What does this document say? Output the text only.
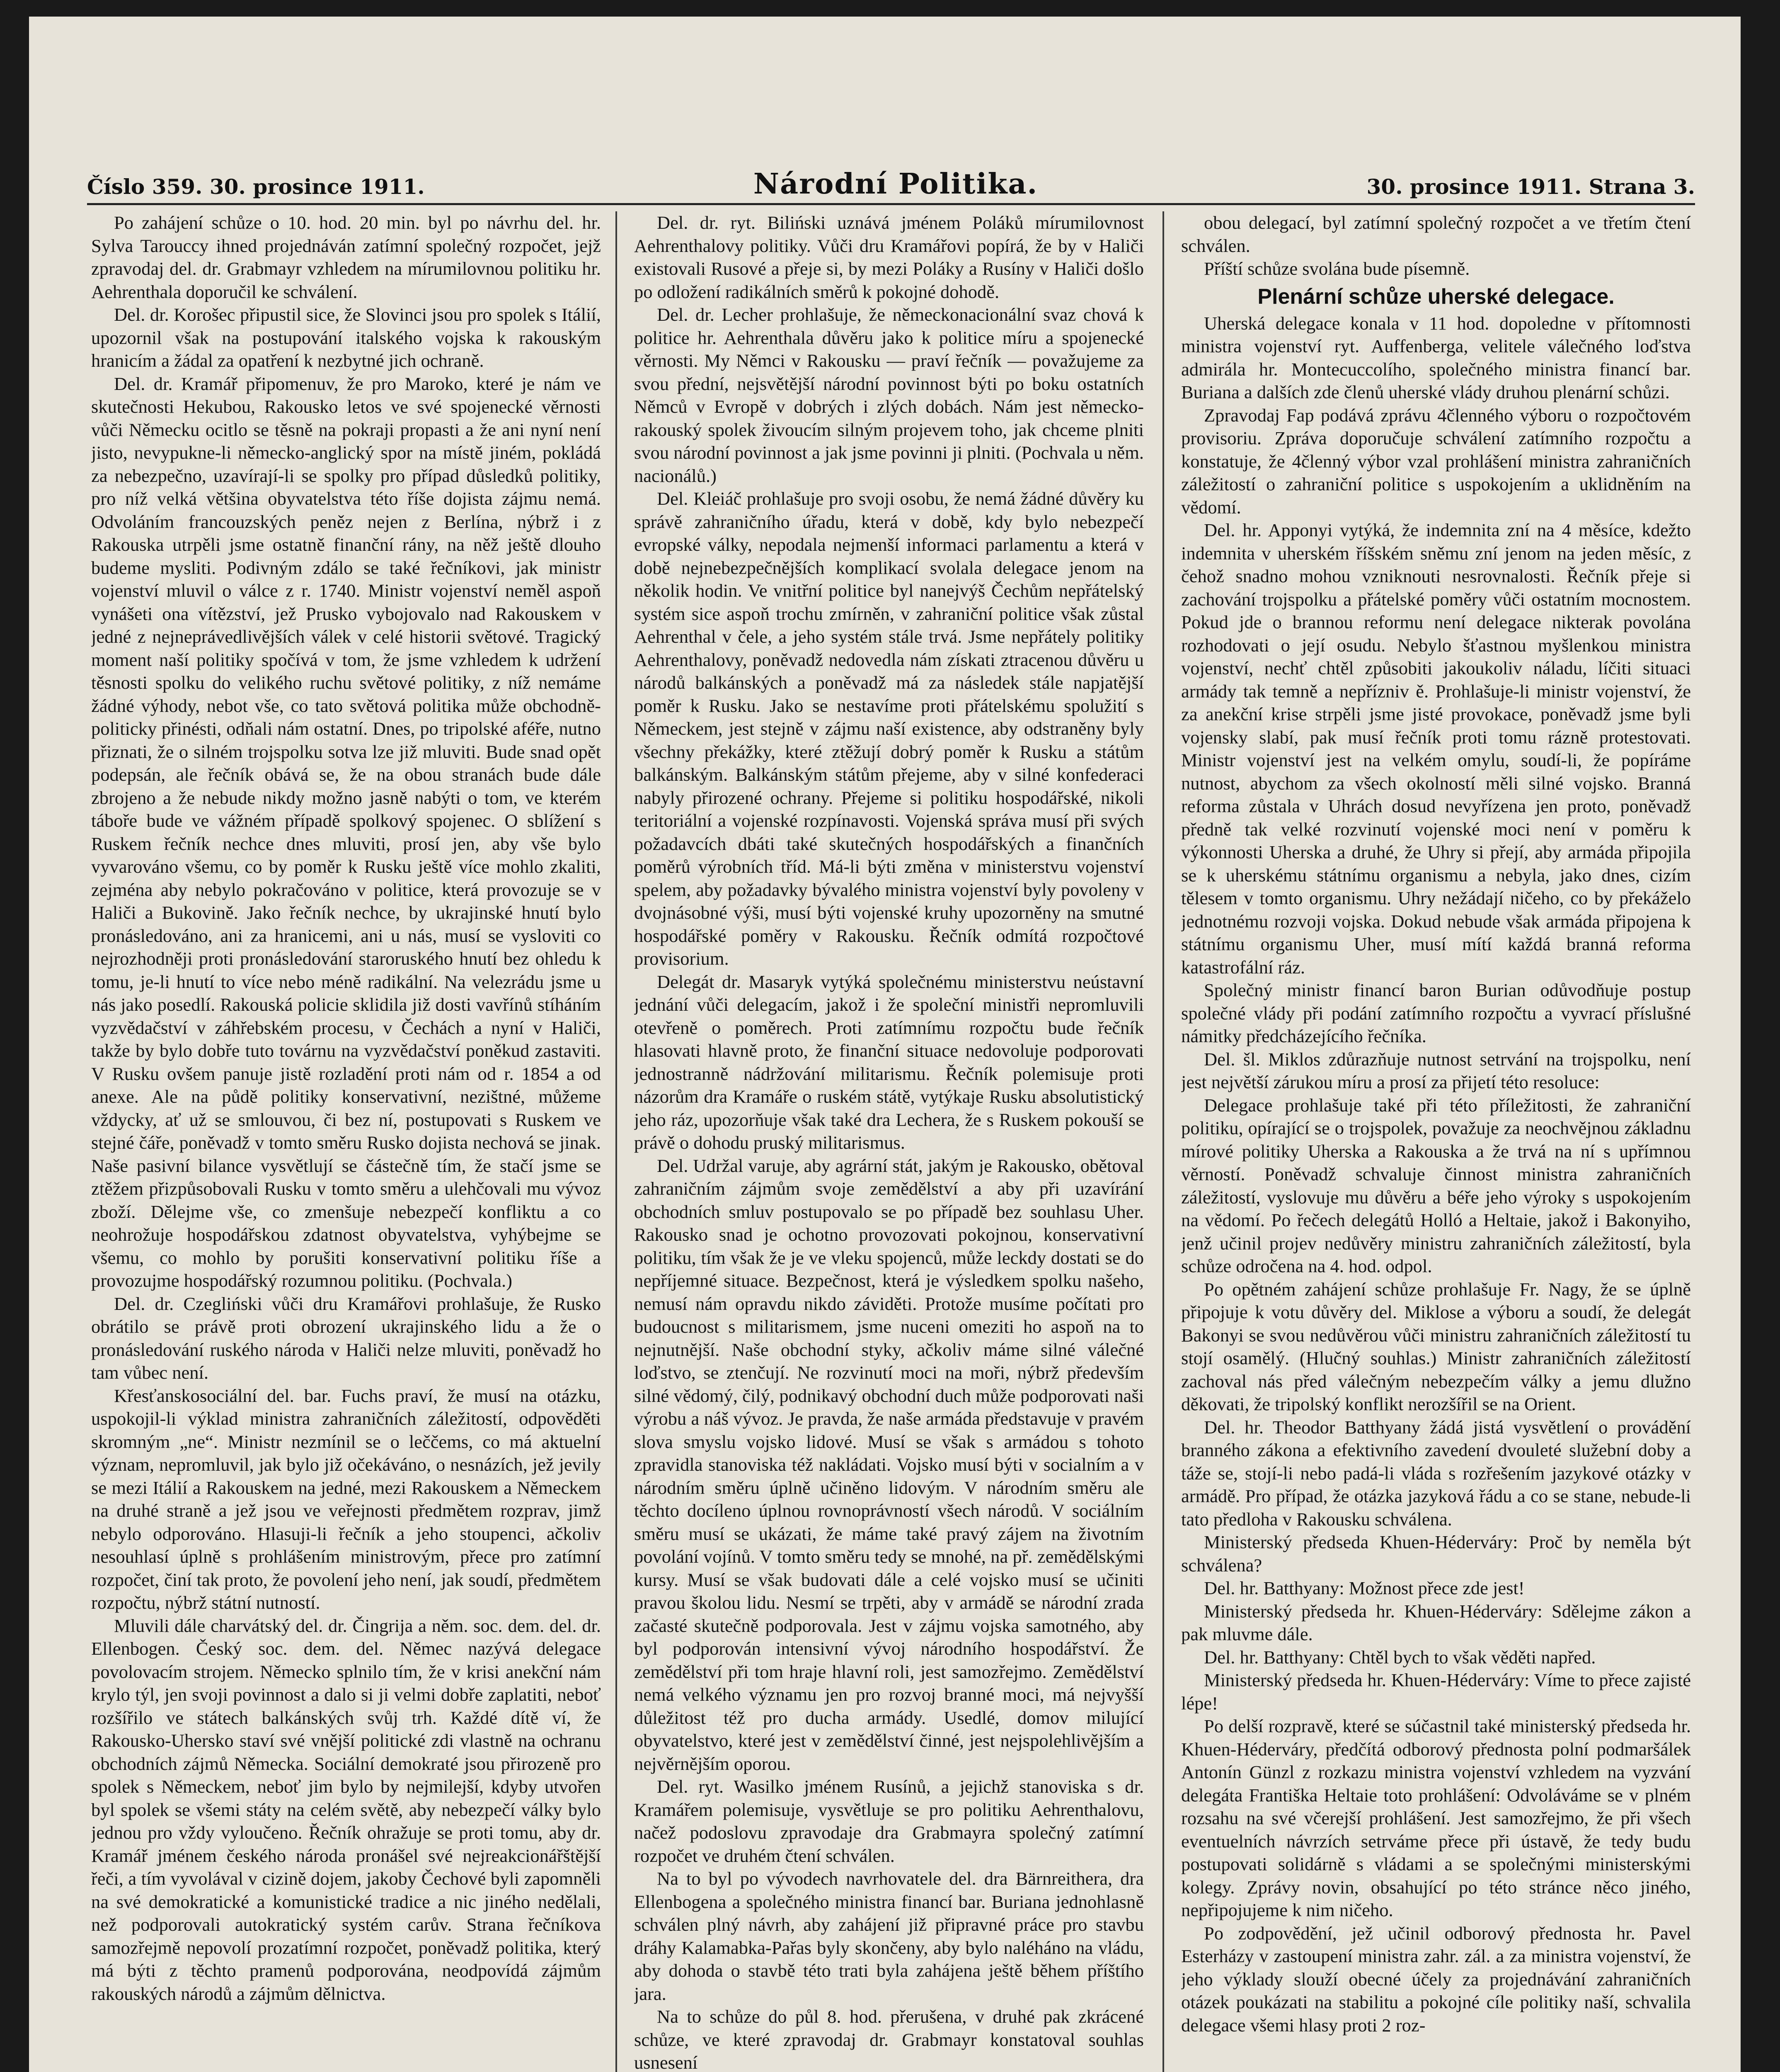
Číslo 359. 30. prosince 1911.	Národní Politika.	30. prosince 1911. Strana 3.

Po zahájení schůze o 10. hod. 20 min. byl po návrhu del. hr. Sylva Tarouccy ihned projednáván zatímní společný rozpočet, jejž zpravodaj del. dr. Grabmayr vzhledem na mírumilovnou politiku hr. Aehrenthala doporučil ke schválení.

Del. dr. Korošec připustil sice, že Slovinci jsou pro spolek s Itálií, upozornil však na postupování italského vojska k rakouským hranicím a žádal za opatření k nezbytné jich ochraně.

Del. dr. Kramář připomenuv, že pro Maroko, které je nám ve skutečnosti Hekubou, Rakousko letos ve své spojenecké věrnosti vůči Německu ocitlo se těsně na pokraji propasti a že ani nyní není jisto, nevypukne-li německo-anglický spor na místě jiném, pokládá za nebezpečno, uzavírají-li se spolky pro případ důsledků politiky, pro níž velká většina obyvatelstva této říše dojista zájmu nemá. Odvoláním francouzských peněz nejen z Berlína, nýbrž i z Rakouska utrpěli jsme ostatně finanční rány, na něž ještě dlouho budeme mysliti. Podivným zdálo se také řečníkovi, jak ministr vojenství mluvil o válce z r. 1740. Ministr vojenství neměl aspoň vynášeti ona vítězství, jež Prusko vybojovalo nad Rakouskem v jedné z nejneprávedlivějších válek v celé historii světové. Tragický moment naší politiky spočívá v tom, že jsme vzhledem k udržení těsnosti spolku do velikého ruchu světové politiky, z níž nemáme žádné výhody, nebot vše, co tato světová politika může obchodně-politicky přinésti, odňali nám ostatní. Dnes, po tripolské aféře, nutno přiznati, že o silném trojspolku sotva lze již mluviti. Bude snad opět podepsán, ale řečník obává se, že na obou stranách bude dále zbrojeno a že nebude nikdy možno jasně nabýti o tom, ve kterém táboře bude ve vážném případě spolkový spojenec. O sblížení s Ruskem řečník nechce dnes mluviti, prosí jen, aby vše bylo vyvarováno všemu, co by poměr k Rusku ještě více mohlo zkaliti, zejména aby nebylo pokračováno v politice, která provozuje se v Haliči a Bukovině. Jako řečník nechce, by ukrajinské hnutí bylo pronásledováno, ani za hranicemi, ani u nás, musí se vysloviti co nejrozhodněji proti pronásledování staroruského hnutí bez ohledu k tomu, je-li hnutí to více nebo méně radikální. Na velezrádu jsme u nás jako posedlí. Rakouská policie sklidila již dosti vavřínů stíháním vyzvědačství v záhřebském procesu, v Čechách a nyní v Haliči, takže by bylo dobře tuto továrnu na vyzvědačství poněkud zastaviti. V Rusku ovšem panuje jistě rozladění proti nám od r. 1854 a od anexe. Ale na půdě politiky konservativní, nezištné, můžeme vždycky, ať už se smlouvou, či bez ní, postupovati s Ruskem ve stejné čáře, poněvadž v tomto směru Rusko dojista nechová se jinak. Naše pasivní bilance vysvětlují se částečně tím, že stačí jsme se ztěžem přizpůsobovali Rusku v tomto směru a ulehčovali mu vývoz zboží. Dělejme vše, co zmenšuje nebezpečí konfliktu a co neohrožuje hospodářskou zdatnost obyvatelstva, vyhýbejme se všemu, co mohlo by porušiti konservativní politiku říše a provozujme hospodářský rozumnou politiku. (Pochvala.)

Del. dr. Czegliński vůči dru Kramářovi prohlašuje, že Rusko obrátilo se právě proti obrození ukrajinského lidu a že o pronásledování ruského národa v Haliči nelze mluviti, poněvadž ho tam vůbec není.

Křesťanskosociální del. bar. Fuchs praví, že musí na otázku, uspokojil-li výklad ministra zahraničních záležitostí, odpověděti skromným „ne“. Ministr nezmínil se o leččems, co má aktuelní význam, nepromluvil, jak bylo již očekáváno, o nesnázích, jež jevily se mezi Itálií a Rakouskem na jedné, mezi Rakouskem a Německem na druhé straně a jež jsou ve veřejnosti předmětem rozprav, jimž nebylo odporováno. Hlasuji-li řečník a jeho stoupenci, ačkoliv nesouhlasí úplně s prohlášením ministrovým, přece pro zatímní rozpočet, činí tak proto, že povolení jeho není, jak soudí, předmětem rozpočtu, nýbrž státní nutností.

Mluvili dále charvátský del. dr. Čingrija a něm. soc. dem. del. dr. Ellenbogen. Český soc. dem. del. Němec nazývá delegace povolovacím strojem. Německo splnilo tím, že v krisi anekční nám krylo týl, jen svoji povinnost a dalo si ji velmi dobře zaplatiti, neboť rozšířilo ve státech balkánských svůj trh. Každé dítě ví, že Rakousko-Uhersko staví své vnější politické zdi vlastně na ochranu obchodních zájmů Německa. Sociální demokraté jsou přirozeně pro spolek s Německem, neboť jim bylo by nejmilejší, kdyby utvořen byl spolek se všemi státy na celém světě, aby nebezpečí války bylo jednou pro vždy vyloučeno. Řečník ohražuje se proti tomu, aby dr. Kramář jménem českého národa pronášel své nejreakcionářštější řeči, a tím vyvolával v cizině dojem, jakoby Čechové byli zapomněli na své demokratické a komunistické tradice a nic jiného nedělali, než podporovali autokratický systém carův. Strana řečníkova samozřejmě nepovolí prozatímní rozpočet, poněvadž politika, který má býti z těchto pramenů podporována, neodpovídá zájmům rakouských národů a zájmům dělnictva.

Del. dr. ryt. Biliński uznává jménem Poláků mírumilovnost Aehrenthalovy politiky. Vůči dru Kramářovi popírá, že by v Haliči existovali Rusové a přeje si, by mezi Poláky a Rusíny v Haliči došlo po odložení radikálních směrů k pokojné dohodě.

Del. dr. Lecher prohlašuje, že německonacionální svaz chová k politice hr. Aehrenthala důvěru jako k politice míru a spojenecké věrnosti. My Němci v Rakousku — praví řečník — považujeme za svou přední, nejsvětější národní povinnost býti po boku ostatních Němců v Evropě v dobrých i zlých dobách. Nám jest německo-rakouský spolek živoucím silným projevem toho, jak chceme plniti svou národní povinnost a jak jsme povinni ji plniti. (Pochvala u něm. nacionálů.)

Del. Kleiáč prohlašuje pro svoji osobu, že nemá žádné důvěry ku správě zahraničního úřadu, která v době, kdy bylo nebezpečí evropské války, nepodala nejmenší informaci parlamentu a která v době nejnebezpečnějších komplikací svolala delegace jenom na několik hodin. Ve vnitřní politice byl nanejvýš Čechům nepřátelský systém sice aspoň trochu zmírněn, v zahraniční politice však zůstal Aehrenthal v čele, a jeho systém stále trvá. Jsme nepřátely politiky Aehrenthalovy, poněvadž nedovedla nám získati ztracenou důvěru u národů balkánských a poněvadž má za následek stále napjatější poměr k Rusku. Jako se nestavíme proti přátelskému spolužití s Německem, jest stejně v zájmu naší existence, aby odstraněny byly všechny překážky, které ztěžují dobrý poměr k Rusku a státům balkánským. Balkánským státům přejeme, aby v silné konfederaci nabyly přirozené ochrany. Přejeme si politiku hospodářské, nikoli teritoriální a vojenské rozpínavosti. Vojenská správa musí při svých požadavcích dbáti také skutečných hospodářských a finančních poměrů výrobních tříd. Má-li býti změna v ministerstvu vojenství spelem, aby požadavky bývalého ministra vojenství byly povoleny v dvojnásobné výši, musí býti vojenské kruhy upozorněny na smutné hospodářské poměry v Rakousku. Řečník odmítá rozpočtové provisorium.

Delegát dr. Masaryk vytýká společnému ministerstvu neústavní jednání vůči delegacím, jakož i že společní ministři nepromluvili otevřeně o poměrech. Proti zatímnímu rozpočtu bude řečník hlasovati hlavně proto, že finanční situace nedovoluje podporovati jednostranně nádržování militarismu. Řečník polemisuje proti názorům dra Kramáře o ruském státě, vytýkaje Rusku absolutistický jeho ráz, upozorňuje však také dra Lechera, že s Ruskem pokouší se právě o dohodu pruský militarismus.

Del. Udržal varuje, aby agrární stát, jakým je Rakousko, obětoval zahraničním zájmům svoje zemědělství a aby při uzavírání obchodních smluv postupovalo se po případě bez souhlasu Uher. Rakousko snad je ochotno provozovati pokojnou, konservativní politiku, tím však že je ve vleku spojenců, může leckdy dostati se do nepříjemné situace. Bezpečnost, která je výsledkem spolku našeho, nemusí nám opravdu nikdo záviděti. Protože musíme počítati pro budoucnost s militarismem, jsme nuceni omeziti ho aspoň na to nejnutnější. Naše obchodní styky, ačkoliv máme silné válečné loďstvo, se ztenčují. Ne rozvinutí moci na moři, nýbrž především silné vědomý, čilý, podnikavý obchodní duch může podporovati naši výrobu a náš vývoz. Je pravda, že naše armáda představuje v pravém slova smyslu vojsko lidové. Musí se však s armádou s tohoto zpravidla stanoviska též nakládati. Vojsko musí býti v socialním a v národním směru úplně učiněno lidovým. V národním směru ale těchto docíleno úplnou rovnoprávností všech národů. V sociálním směru musí se ukázati, že máme také pravý zájem na životním povolání vojínů. V tomto směru tedy se mnohé, na př. zemědělskými kursy. Musí se však budovati dále a celé vojsko musí se učiniti pravou školou lidu. Nesmí se trpěti, aby v armádě se národní zrada začasté skutečně podporovala. Jest v zájmu vojska samotného, aby byl podporován intensivní vývoj národního hospodářství. Že zemědělství při tom hraje hlavní roli, jest samozřejmo. Zemědělství nemá velkého významu jen pro rozvoj branné moci, má nejvyšší důležitost též pro ducha armády. Usedlé, domov milující obyvatelstvo, které jest v zemědělství činné, jest nejspolehlivějším a nejvěrnějším oporou.

Del. ryt. Wasilko jménem Rusínů, a jejichž stanoviska s dr. Kramářem polemisuje, vysvětluje se pro politiku Aehrenthalovu, načež podoslovu zpravodaje dra Grabmayra společný zatímní rozpočet ve druhém čtení schválen.

Na to byl po vývodech navrhovatele del. dra Bärnreithera, dra Ellenbogena a společného ministra financí bar. Buriana jednohlasně schválen plný návrh, aby zahájení již připravné práce pro stavbu dráhy Kalamabka-Pařas byly skončeny, aby bylo naléháno na vládu, aby dohoda o stavbě této trati byla zahájena ještě během příštího jara.

Na to schůze do půl 8. hod. přerušena, v druhé pak zkrácené schůze, ve které zpravodaj dr. Grabmayr konstatoval souhlas usnesení

obou delegací, byl zatímní společný rozpočet a ve třetím čtení schválen.

Příští schůze svolána bude písemně.

Plenární schůze uherské delegace.

Uherská delegace konala v 11 hod. dopoledne v přítomnosti ministra vojenství ryt. Auffenberga, velitele válečného loďstva admirála hr. Montecuccolího, společného ministra financí bar. Buriana a dalších zde členů uherské vlády druhou plenární schůzi.

Zpravodaj Fap podává zprávu 4členného výboru o rozpočtovém provisoriu. Zpráva doporučuje schválení zatímního rozpočtu a konstatuje, že 4členný výbor vzal prohlášení ministra zahraničních záležitostí o zahraniční politice s uspokojením a uklidněním na vědomí.

Del. hr. Apponyi vytýká, že indemnita zní na 4 měsíce, kdežto indemnita v uherském říšském sněmu zní jenom na jeden měsíc, z čehož snadno mohou vzniknouti nesrovnalosti. Řečník přeje si zachování trojspolku a přátelské poměry vůči ostatním mocnostem. Pokud jde o brannou reformu není delegace nikterak povolána rozhodovati o její osudu. Nebylo šťastnou myšlenkou ministra vojenství, nechť chtěl způsobiti jakoukoliv náladu, líčiti situaci armády tak temně a nepřízniv ě. Prohlašuje-li ministr vojenství, že za anekční krise strpěli jsme jisté provokace, poněvadž jsme byli vojensky slabí, pak musí řečník proti tomu rázně protestovati. Ministr vojenství jest na velkém omylu, soudí-li, že popíráme nutnost, abychom za všech okolností měli silné vojsko. Branná reforma zůstala v Uhrách dosud nevyřízena jen proto, poněvadž předně tak velké rozvinutí vojenské moci není v poměru k výkonnosti Uherska a druhé, že Uhry si přejí, aby armáda připojila se k uherskému státnímu organismu a nebyla, jako dnes, cizím tělesem v tomto organismu. Uhry nežádají ničeho, co by překáželo jednotnému rozvoji vojska. Dokud nebude však armáda připojena k státnímu organismu Uher, musí mítí každá branná reforma katastrofální ráz.

Společný ministr financí baron Burian odůvodňuje postup společné vlády při podání zatímního rozpočtu a vyvrací příslušné námitky předcházejícího řečníka.

Del. šl. Miklos zdůrazňuje nutnost setrvání na trojspolku, není jest největší zárukou míru a prosí za přijetí této resoluce:

Delegace prohlašuje také při této příležitosti, že zahraniční politiku, opírající se o trojspolek, považuje za neochvějnou základnu mírové politiky Uherska a Rakouska a že trvá na ní s upřímnou věrností. Poněvadž schvaluje činnost ministra zahraničních záležitostí, vyslovuje mu důvěru a béře jeho výroky s uspokojením na vědomí. Po řečech delegátů Holló a Heltaie, jakož i Bakonyiho, jenž učinil projev nedůvěry ministru zahraničních záležitostí, byla schůze odročena na 4. hod. odpol.

Po opětném zahájení schůze prohlašuje Fr. Nagy, že se úplně připojuje k votu důvěry del. Miklose a výboru a soudí, že delegát Bakonyi se svou nedůvěrou vůči ministru zahraničních záležitostí tu stojí osamělý. (Hlučný souhlas.) Ministr zahraničních záležitostí zachoval nás před válečným nebezpečím války a jemu dlužno děkovati, že tripolský konflikt nerozšířil se na Orient.

Del. hr. Theodor Batthyany žádá jistá vysvětlení o provádění branného zákona a efektivního zavedení dvouleté služební doby a táže se, stojí-li nebo padá-li vláda s rozřešením jazykové otázky v armádě. Pro případ, že otázka jazyková řádu a co se stane, nebude-li tato předloha v Rakousku schválena.

Ministerský předseda Khuen-Héderváry: Proč by neměla být schválena?

Del. hr. Batthyany: Možnost přece zde jest!

Ministerský předseda hr. Khuen-Héderváry: Sdělejme zákon a pak mluvme dále.

Del. hr. Batthyany: Chtěl bych to však věděti napřed.

Ministerský předseda hr. Khuen-Héderváry: Víme to přece zajisté lépe!

Po delší rozpravě, které se súčastnil také ministerský předseda hr. Khuen-Héderváry, předčítá odborový přednosta polní podmaršálek Antonín Günzl z rozkazu ministra vojenství vzhledem na vyzvání delegáta Františka Heltaie toto prohlášení: Odvoláváme se v plném rozsahu na své včerejší prohlášení. Jest samozřejmo, že při všech eventuelních návrzích setrváme přece při ústavě, že tedy budu postupovati solidárně s vládami a se společnými ministerskými kolegy. Zprávy novin, obsahující po této stránce něco jiného, nepřipojujeme k nim ničeho.

Po zodpovědění, jež učinil odborový přednosta hr. Pavel Esterházy v zastoupení ministra zahr. zál. a za ministra vojenství, že jeho výklady slouží obecné účely za projednávání zahraničních otázek poukázati na stabilitu a pokojné cíle politiky naší, schvalila delegace všemi hlasy proti 2 roz-
